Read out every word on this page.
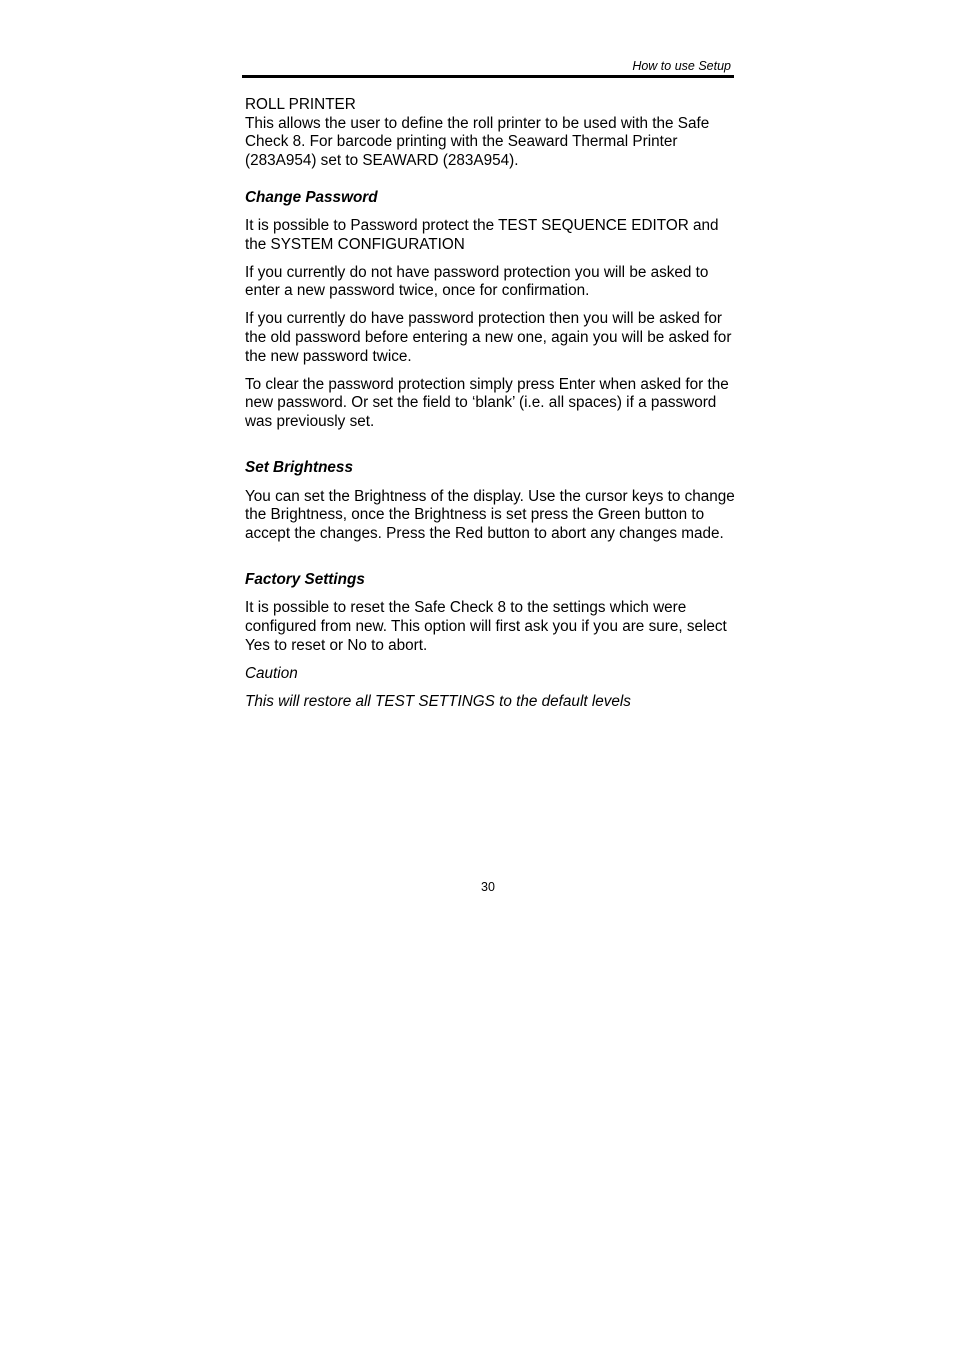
How to use Setup

ROLL PRINTER

This allows the user to define the roll printer to be used with the Safe Check 8. For barcode printing with the Seaward Thermal Printer (283A954) set to SEAWARD (283A954).

Change Password

It is possible to Password protect the TEST SEQUENCE EDITOR and the SYSTEM CONFIGURATION

If you currently do not have password protection you will be asked to enter a new password twice, once for confirmation.

If you currently do have password protection then you will be asked for the old password before entering a new one, again you will be asked for the new password twice.

To clear the password protection simply press Enter when asked for the new password. Or set the field to ‘blank’ (i.e. all spaces) if a password was previously set.

Set Brightness

You can set the Brightness of the display. Use the cursor keys to change the Brightness, once the Brightness is set press the Green button to accept the changes. Press the Red button to abort any changes made.

Factory Settings

It is possible to reset the Safe Check 8 to the settings which were configured from new. This option will first ask you if you are sure, select Yes to reset or No to abort.

Caution

This will restore all TEST SETTINGS to the default levels

30
